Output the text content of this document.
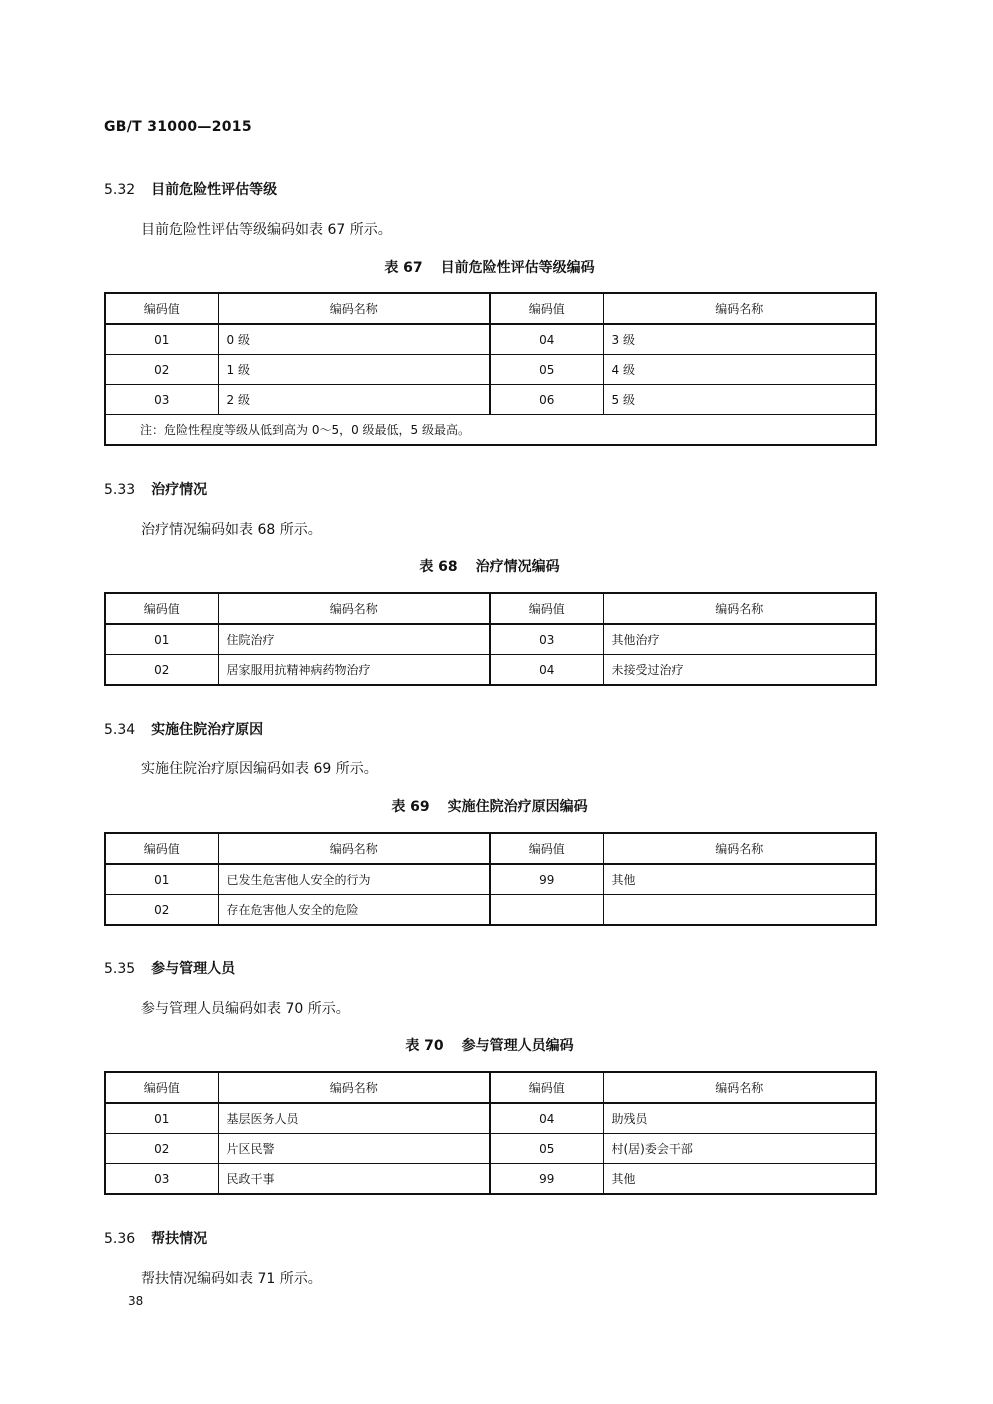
GB/T 31000—2015
5.32 目前危险性评估等级
目前危险性评估等级编码如表 67 所示。
表 67 目前危险性评估等级编码
编码值	编码名称	编码值	编码名称
01	0 级	04	3 级
02	1 级	05	4 级
03	2 级	06	5 级
注：危险性程度等级从低到高为 0～5，0 级最低，5 级最高。			
5.33 治疗情况
治疗情况编码如表 68 所示。
表 68 治疗情况编码
编码值	编码名称	编码值	编码名称
01	住院治疗	03	其他治疗
02	居家服用抗精神病药物治疗	04	未接受过治疗
5.34 实施住院治疗原因
实施住院治疗原因编码如表 69 所示。
表 69 实施住院治疗原因编码
编码值	编码名称	编码值	编码名称
01	已发生危害他人安全的行为	99	其他
02	存在危害他人安全的危险		
5.35 参与管理人员
参与管理人员编码如表 70 所示。
表 70 参与管理人员编码
编码值	编码名称	编码值	编码名称
01	基层医务人员	04	助残员
02	片区民警	05	村(居)委会干部
03	民政干事	99	其他
5.36 帮扶情况
帮扶情况编码如表 71 所示。
38
